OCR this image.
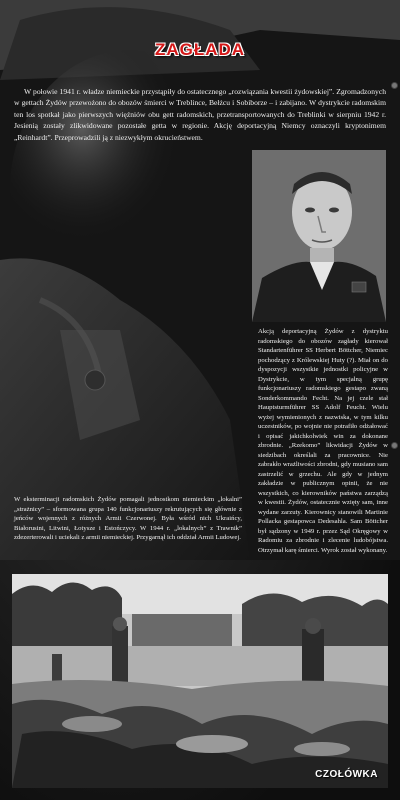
ZAGŁADA
W połowie 1941 r. władze niemieckie przystąpiły do ostatecznego „rozwiązania kwestii żydowskiej”. Zgromadzonych w gettach Żydów przewożono do obozów śmierci w Treblince, Bełżcu i Sobiborze – i zabijano. W dystrykcie radomskim ten los spotkał jako pierwszych więźniów obu gett radomskich, przetransportowanych do Treblinki w sierpniu 1942 r. Jesienią zostały zlikwidowane pozostałe getta w regionie. Akcję deportacyjną Niemcy oznaczyli kryptonimem „Reinhardt”. Przeprowadzili ją z niezwykłym okrucieństwem.
Akcją deportacyjną Żydów z dystryktu radomskiego do obozów zagłady kierował Standartenführer SS Herbert Böttcher, Niemiec pochodzący z Królewskiej Huty (?). Miał on do dyspozycji wszystkie jednostki policyjne w Dystrykcie, w tym specjalną grupę funkcjonariuszy radomskiego gestapo zwaną Sonderkommando Fecht. Na jej czele stał Hauptsturmführer SS Adolf Feucht. Wielu wyżej wymienionych z nazwiska, w tym kilku uczestników, po wojnie nie potrafiło odżałować i opisać jakichkolwiek win za dokonane zbrodnie. „Rzekomo” likwidacji Żydów w siedzibach określali za pracownice. Nie zabrakło wrażliwości zbrodni, gdy musiano sam zastrzelić w grzechu. Ale gdy w jednym zakładzie w publicznym opinii, że nie wszystkich, co kierowników państwa zarządzą w kwestii. Żydów, ostatecznie wzięty sam, inne wydane zarzuty. Kierownicy stanowili Martinie Pollacka gestapowca Dedesahla. Sam Böttcher był sądzony w 1949 r. przez Sąd Okręgowy w Radomiu za zbrodnie i zlecenie ludobójstwa. Otrzymał karę śmierci. Wyrok został wykonany.
W eksterminacji radomskich Żydów pomagali jednostkom niemieckim „lokalni” „strażnicy” – sformowana grupa 140 funkcjonariuszy rekrutujących się głównie z jeńców wojennych z różnych Armii Czerwonej. Była wśród nich Ukraińcy, Białorusini, Litwini, Łotysze i Estończycy. W 1944 r. „lokalnych” z Trawnik” zdezerterowali i uciekali z armii niemieckiej. Przygarnął ich oddział Armii Ludowej.
CZOŁÓWKA
